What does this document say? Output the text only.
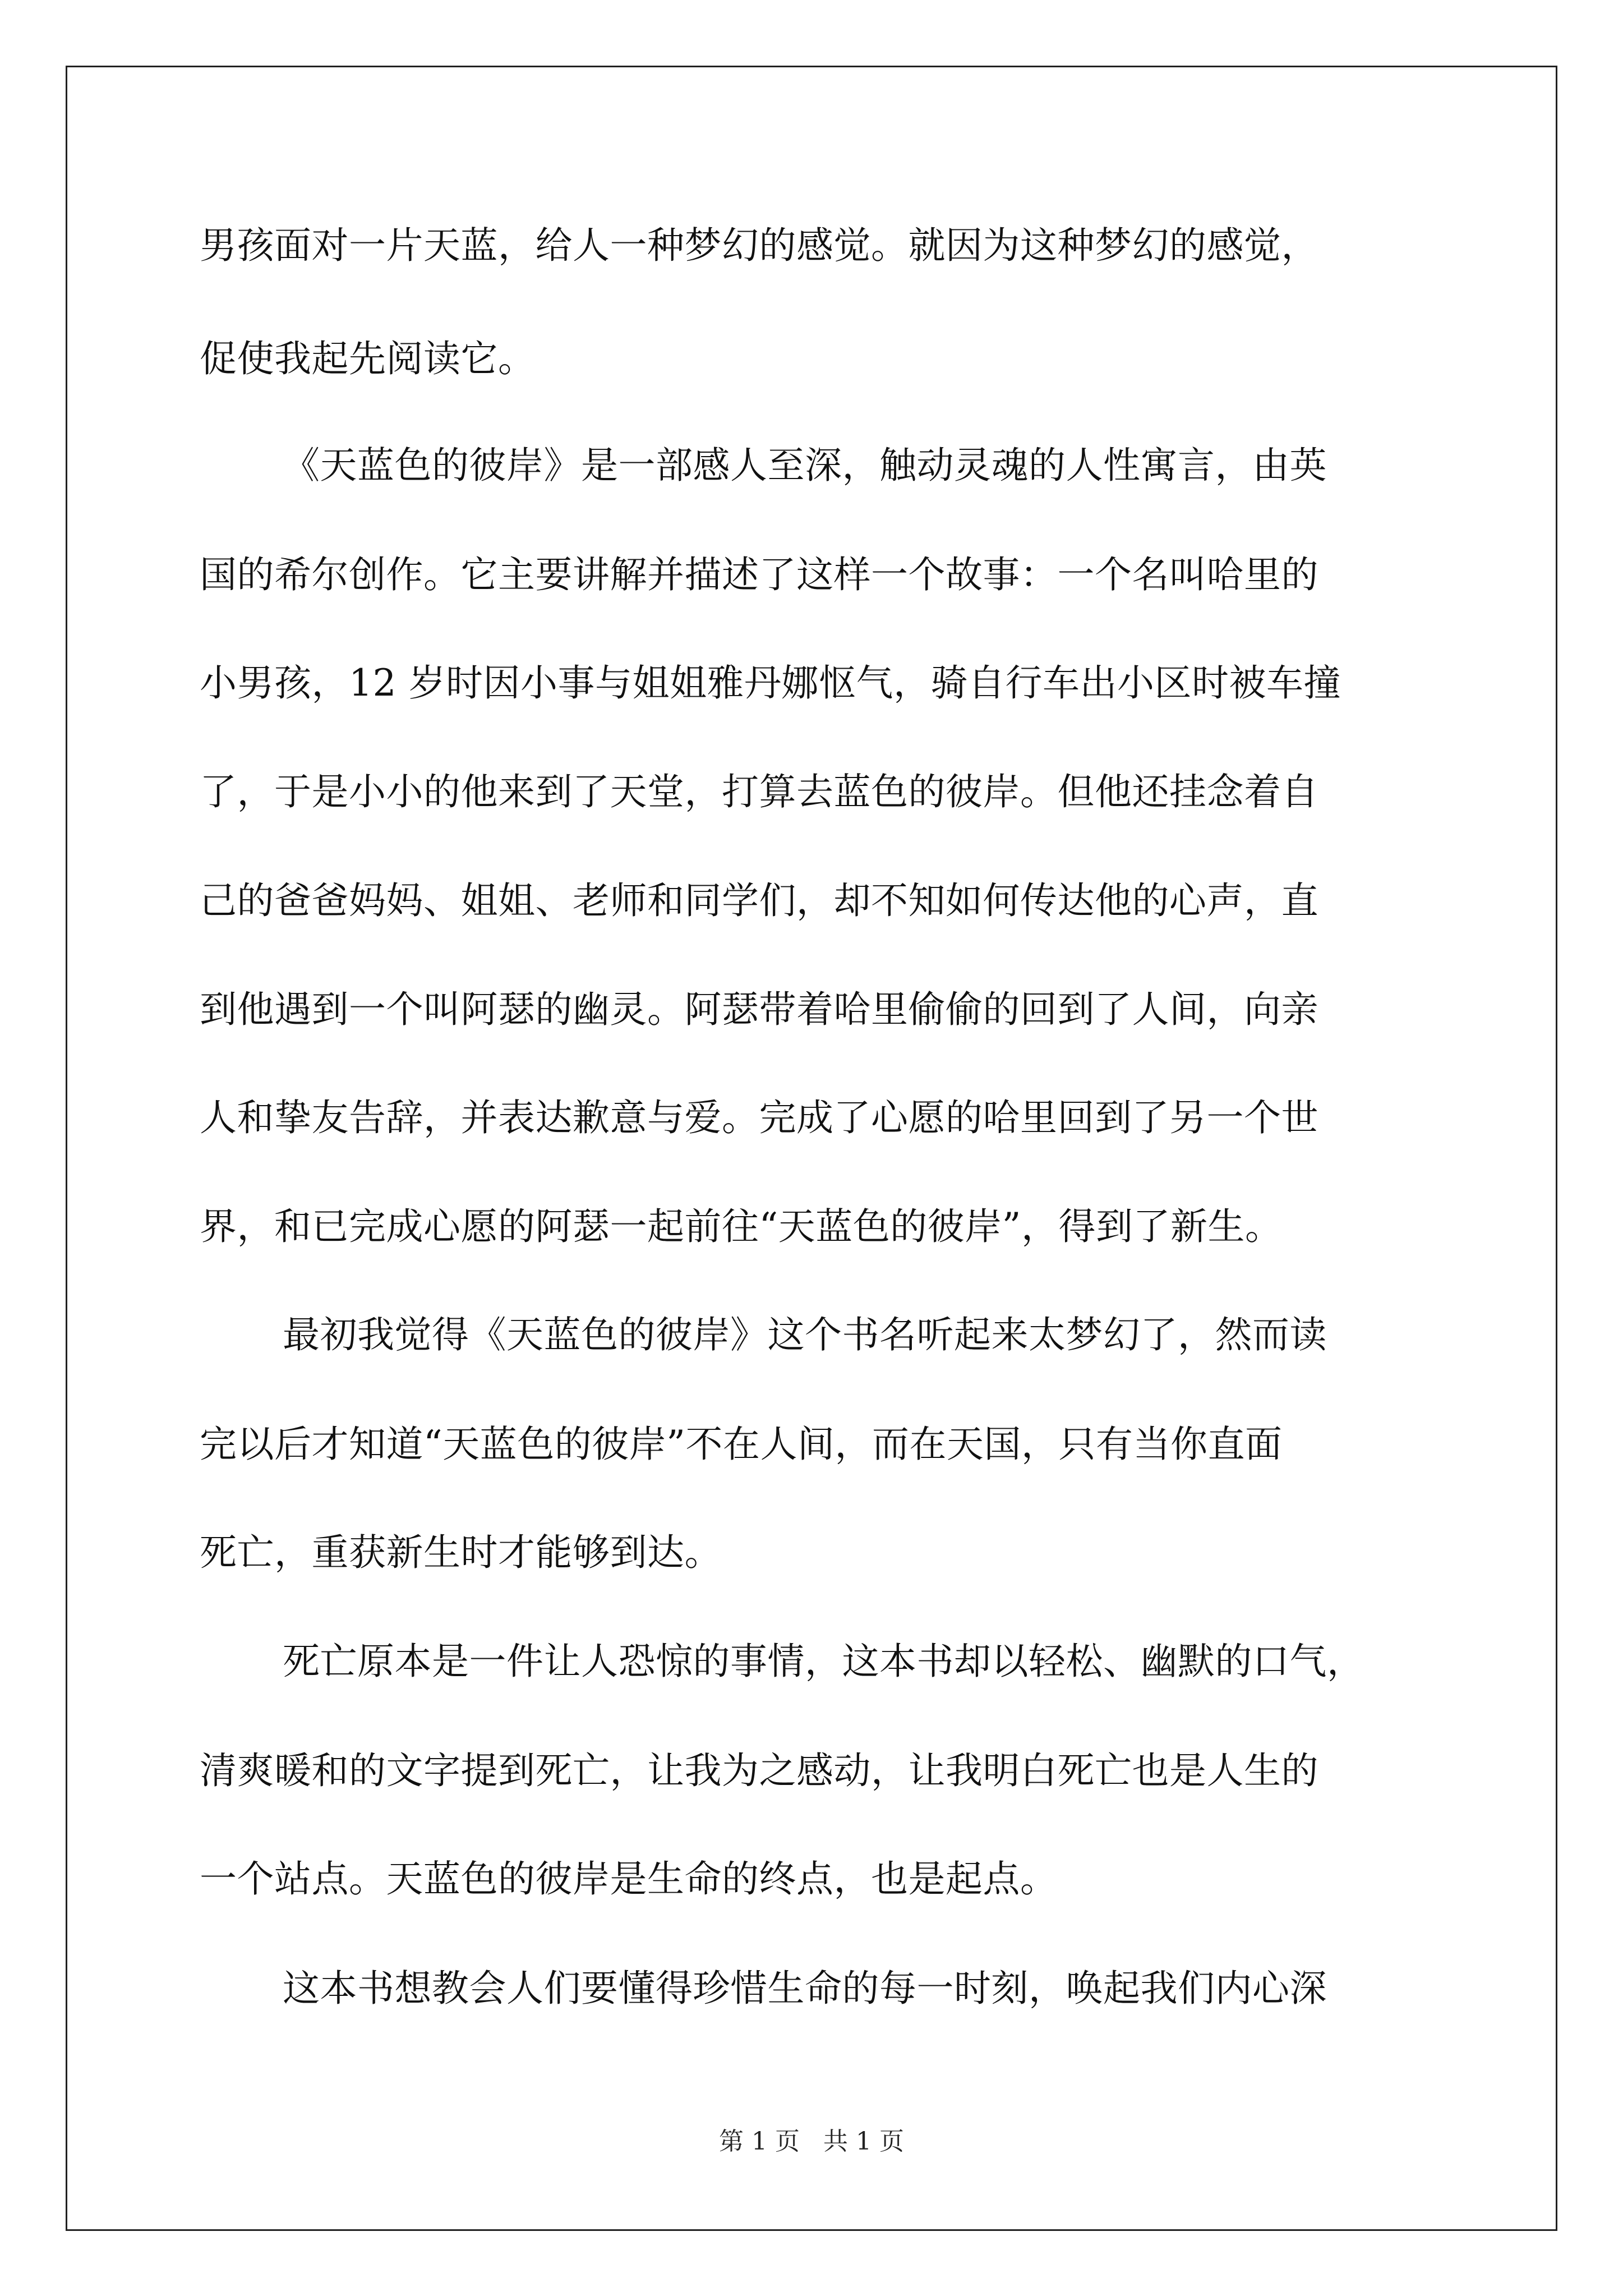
男孩面对一片天蓝，给人一种梦幻的感觉。就因为这种梦幻的感觉，
促使我起先阅读它。
《天蓝色的彼岸》是一部感人至深，触动灵魂的人性寓言，由英
国的希尔创作。它主要讲解并描述了这样一个故事：一个名叫哈里的
小男孩，12 岁时因小事与姐姐雅丹娜怄气，骑自行车出小区时被车撞
了，于是小小的他来到了天堂，打算去蓝色的彼岸。但他还挂念着自
己的爸爸妈妈、姐姐、老师和同学们，却不知如何传达他的心声，直
到他遇到一个叫阿瑟的幽灵。阿瑟带着哈里偷偷的回到了人间，向亲
人和挚友告辞，并表达歉意与爱。完成了心愿的哈里回到了另一个世
界，和已完成心愿的阿瑟一起前往“天蓝色的彼岸”，得到了新生。
最初我觉得《天蓝色的彼岸》这个书名听起来太梦幻了，然而读
完以后才知道“天蓝色的彼岸”不在人间，而在天国，只有当你直面
死亡，重获新生时才能够到达。
死亡原本是一件让人恐惊的事情，这本书却以轻松、幽默的口气，
清爽暖和的文字提到死亡，让我为之感动，让我明白死亡也是人生的
一个站点。天蓝色的彼岸是生命的终点，也是起点。
这本书想教会人们要懂得珍惜生命的每一时刻，唤起我们内心深
第 1 页 共 1 页
